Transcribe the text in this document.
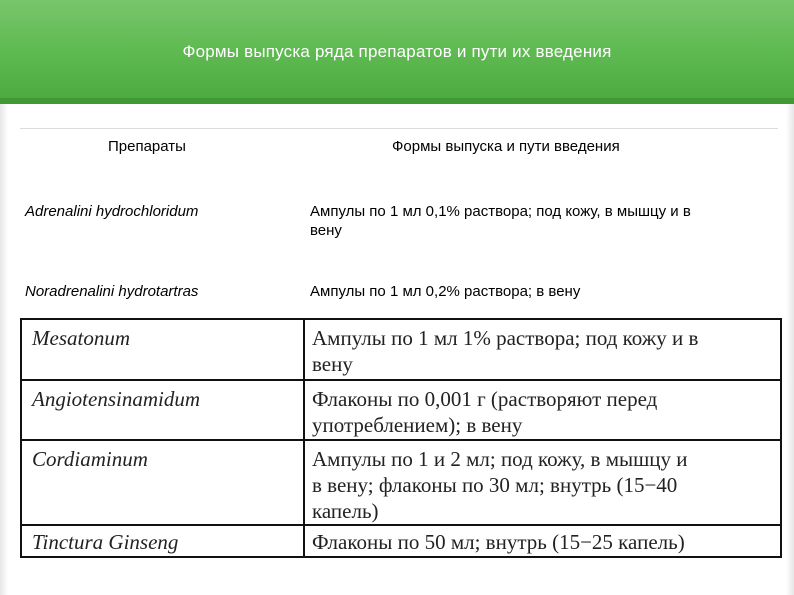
Формы выпуска ряда препаратов и пути их введения
Препараты	Формы выпуска и пути введения
Adrenalini hydrochloridum	Ампулы по 1 мл 0,1% раствора; под кожу, в мышцу и в
вену
Noradrenalini hydrotartras	Ампулы по 1 мл 0,2% раствора; в вену
Mesatonum	Ампулы по 1 мл 1% раствора; под кожу и в
вену
Angiotensinamidum	Флаконы по 0,001 г (растворяют перед
употреблением); в вену
Cordiaminum	Ампулы по 1 и 2 мл; под кожу, в мышцу и
в вену; флаконы по 30 мл; внутрь (15−40
капель)
Tinctura Ginseng	Флаконы по 50 мл; внутрь (15−25 капель)
